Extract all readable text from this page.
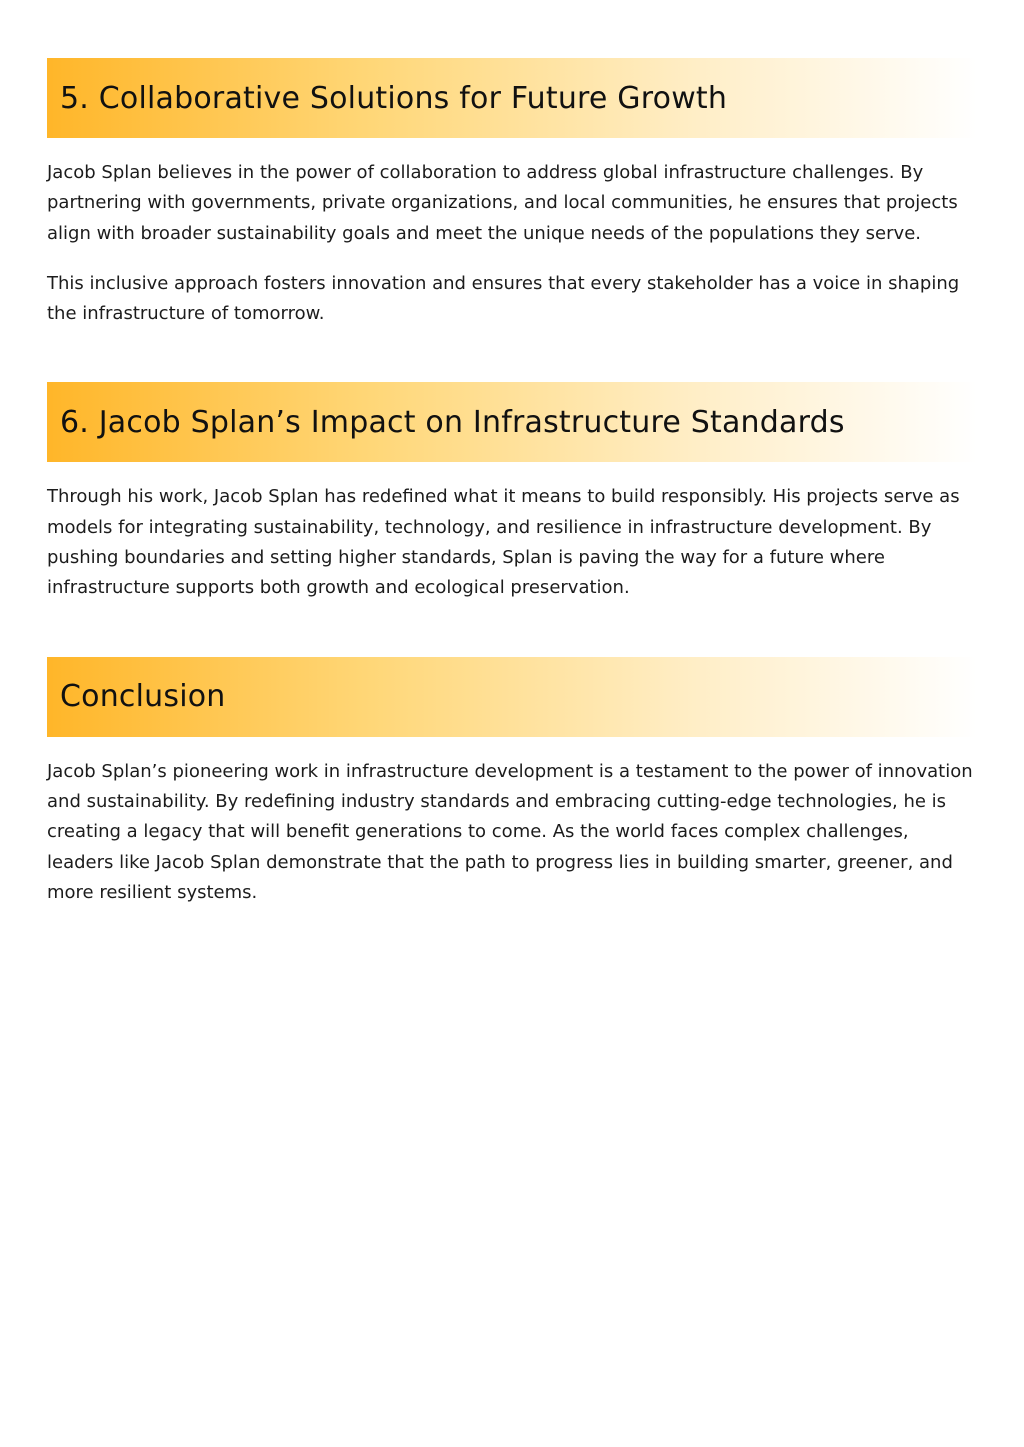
5. Collaborative Solutions for Future Growth

Jacob Splan believes in the power of collaboration to address global infrastructure challenges. By partnering with governments, private organizations, and local communities, he ensures that projects align with broader sustainability goals and meet the unique needs of the populations they serve.

This inclusive approach fosters innovation and ensures that every stakeholder has a voice in shaping the infrastructure of tomorrow.

6. Jacob Splan’s Impact on Infrastructure Standards

Through his work, Jacob Splan has redefined what it means to build responsibly. His projects serve as models for integrating sustainability, technology, and resilience in infrastructure development. By pushing boundaries and setting higher standards, Splan is paving the way for a future where infrastructure supports both growth and ecological preservation.

Conclusion

Jacob Splan’s pioneering work in infrastructure development is a testament to the power of innovation and sustainability. By redefining industry standards and embracing cutting-edge technologies, he is creating a legacy that will benefit generations to come. As the world faces complex challenges, leaders like Jacob Splan demonstrate that the path to progress lies in building smarter, greener, and more resilient systems.
